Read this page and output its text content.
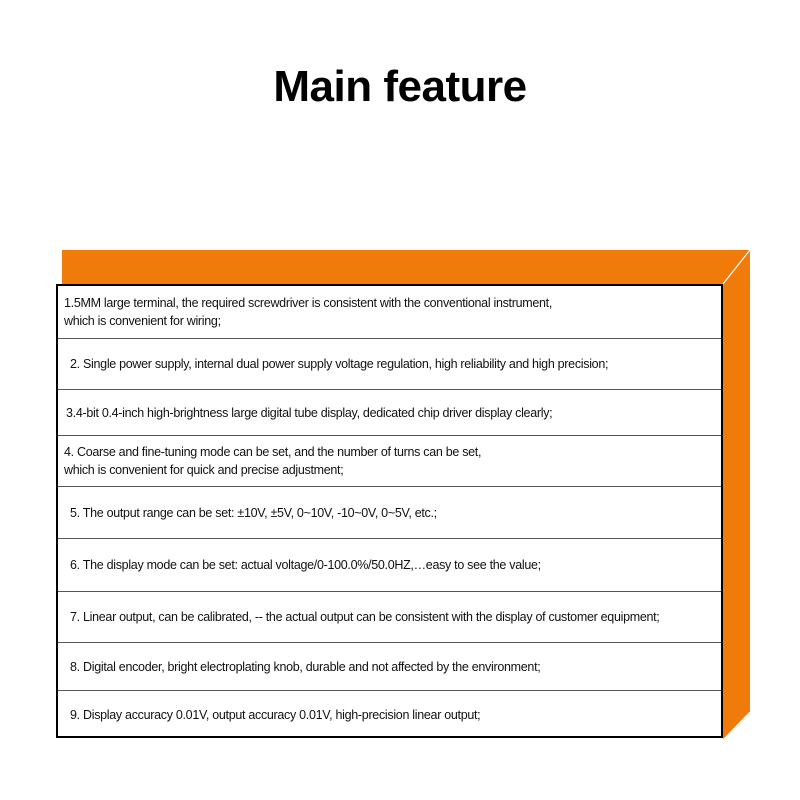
Main feature
1.5MM large terminal, the required screwdriver is consistent with the conventional instrument,
which is convenient for wiring;
2. Single power supply, internal dual power supply voltage regulation, high reliability and high precision;
3.4-bit 0.4-inch high-brightness large digital tube display, dedicated chip driver display clearly;
4. Coarse and fine-tuning mode can be set, and the number of turns can be set,
which is convenient for quick and precise adjustment;
5. The output range can be set: ±10V, ±5V, 0~10V, -10~0V, 0~5V, etc.;
6. The display mode can be set: actual voltage/0-100.0%/50.0HZ,…easy to see the value;
7. Linear output, can be calibrated, -- the actual output can be consistent with the display of customer equipment;
8. Digital encoder, bright electroplating knob, durable and not affected by the environment;
9. Display accuracy 0.01V, output accuracy 0.01V, high-precision linear output;
